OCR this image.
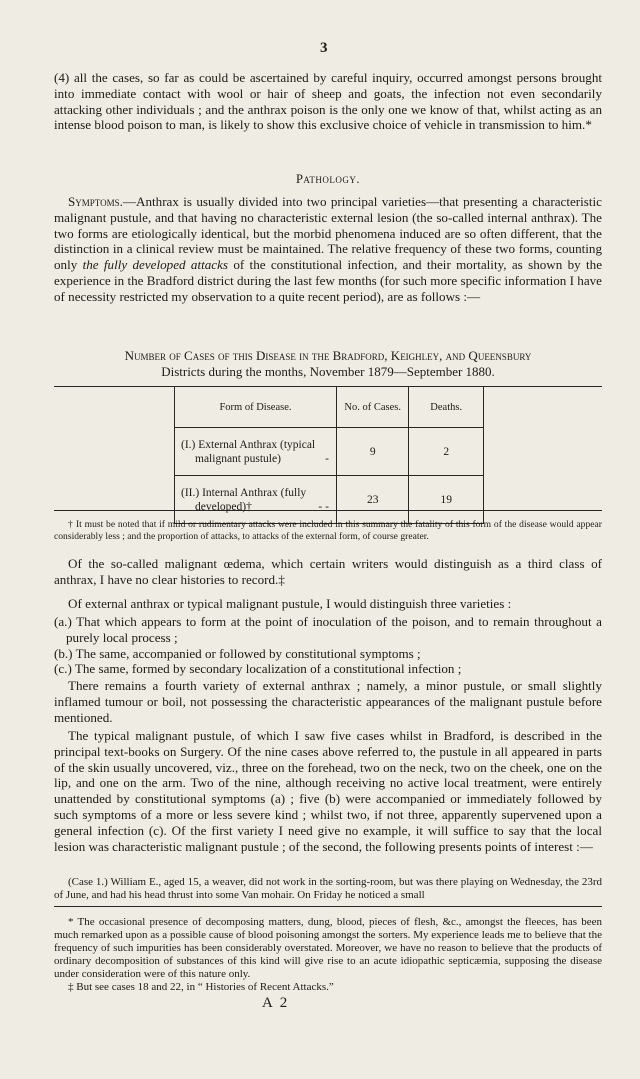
3

(4) all the cases, so far as could be ascertained by careful inquiry, occurred amongst persons brought into immediate contact with wool or hair of sheep and goats, the infection not even secondarily attacking other individuals ; and the anthrax poison is the only one we know of that, whilst acting as an intense blood poison to man, is likely to show this exclusive choice of vehicle in transmission to him.*

Pathology.

Symptoms.—Anthrax is usually divided into two principal varieties—that presenting a characteristic malignant pustule, and that having no characteristic external lesion (the so-called internal anthrax). The two forms are etiologically identical, but the morbid phenomena induced are so often different, that the distinction in a clinical review must be maintained. The relative frequency of these two forms, counting only the fully developed attacks of the constitutional infection, and their mortality, as shown by the experience in the Bradford district during the last few months (for such more specific information I have of necessity restricted my observation to a quite recent period), are as follows :—

Number of Cases of this Disease in the Bradford, Keighley, and Queensbury

Districts during the months, November 1879—September 1880.

Form of Disease.	No. of Cases.	Deaths.
(I.) External Anthrax (typical
malignant pustule) -	9	2
(II.) Internal Anthrax (fully
developed)† - -	23	19

† It must be noted that if mild or rudimentary attacks were included in this summary the fatality of this form of the disease would appear considerably less ; and the proportion of attacks, to attacks of the external form, of course greater.

Of the so-called malignant œdema, which certain writers would distinguish as a third class of anthrax, I have no clear histories to record.‡

Of external anthrax or typical malignant pustule, I would distinguish three varieties :

(a.) That which appears to form at the point of inoculation of the poison, and to remain throughout a purely local process ;

(b.) The same, accompanied or followed by constitutional symptoms ;

(c.) The same, formed by secondary localization of a constitutional infection ;

There remains a fourth variety of external anthrax ; namely, a minor pustule, or small slightly inflamed tumour or boil, not possessing the characteristic appearances of the malignant pustule before mentioned.

The typical malignant pustule, of which I saw five cases whilst in Bradford, is described in the principal text-books on Surgery. Of the nine cases above referred to, the pustule in all appeared in parts of the skin usually uncovered, viz., three on the forehead, two on the neck, two on the cheek, one on the lip, and one on the arm. Two of the nine, although receiving no active local treatment, were entirely unattended by constitutional symptoms (a) ; five (b) were accompanied or immediately followed by such symptoms of a more or less severe kind ; whilst two, if not three, apparently supervened upon a general infection (c). Of the first variety I need give no example, it will suffice to say that the local lesion was characteristic malignant pustule ; of the second, the following presents points of interest :—

(Case 1.) William E., aged 15, a weaver, did not work in the sorting-room, but was there playing on Wednesday, the 23rd of June, and had his head thrust into some Van mohair. On Friday he noticed a small

* The occasional presence of decomposing matters, dung, blood, pieces of flesh, &c., amongst the fleeces, has been much remarked upon as a possible cause of blood poisoning amongst the sorters. My experience leads me to believe that the frequency of such impurities has been considerably overstated. Moreover, we have no reason to believe that the products of ordinary decomposition of substances of this kind will give rise to an acute idiopathic septicæmia, supposing the disease under consideration were of this nature only.

‡ But see cases 18 and 22, in “ Histories of Recent Attacks.”

A 2
